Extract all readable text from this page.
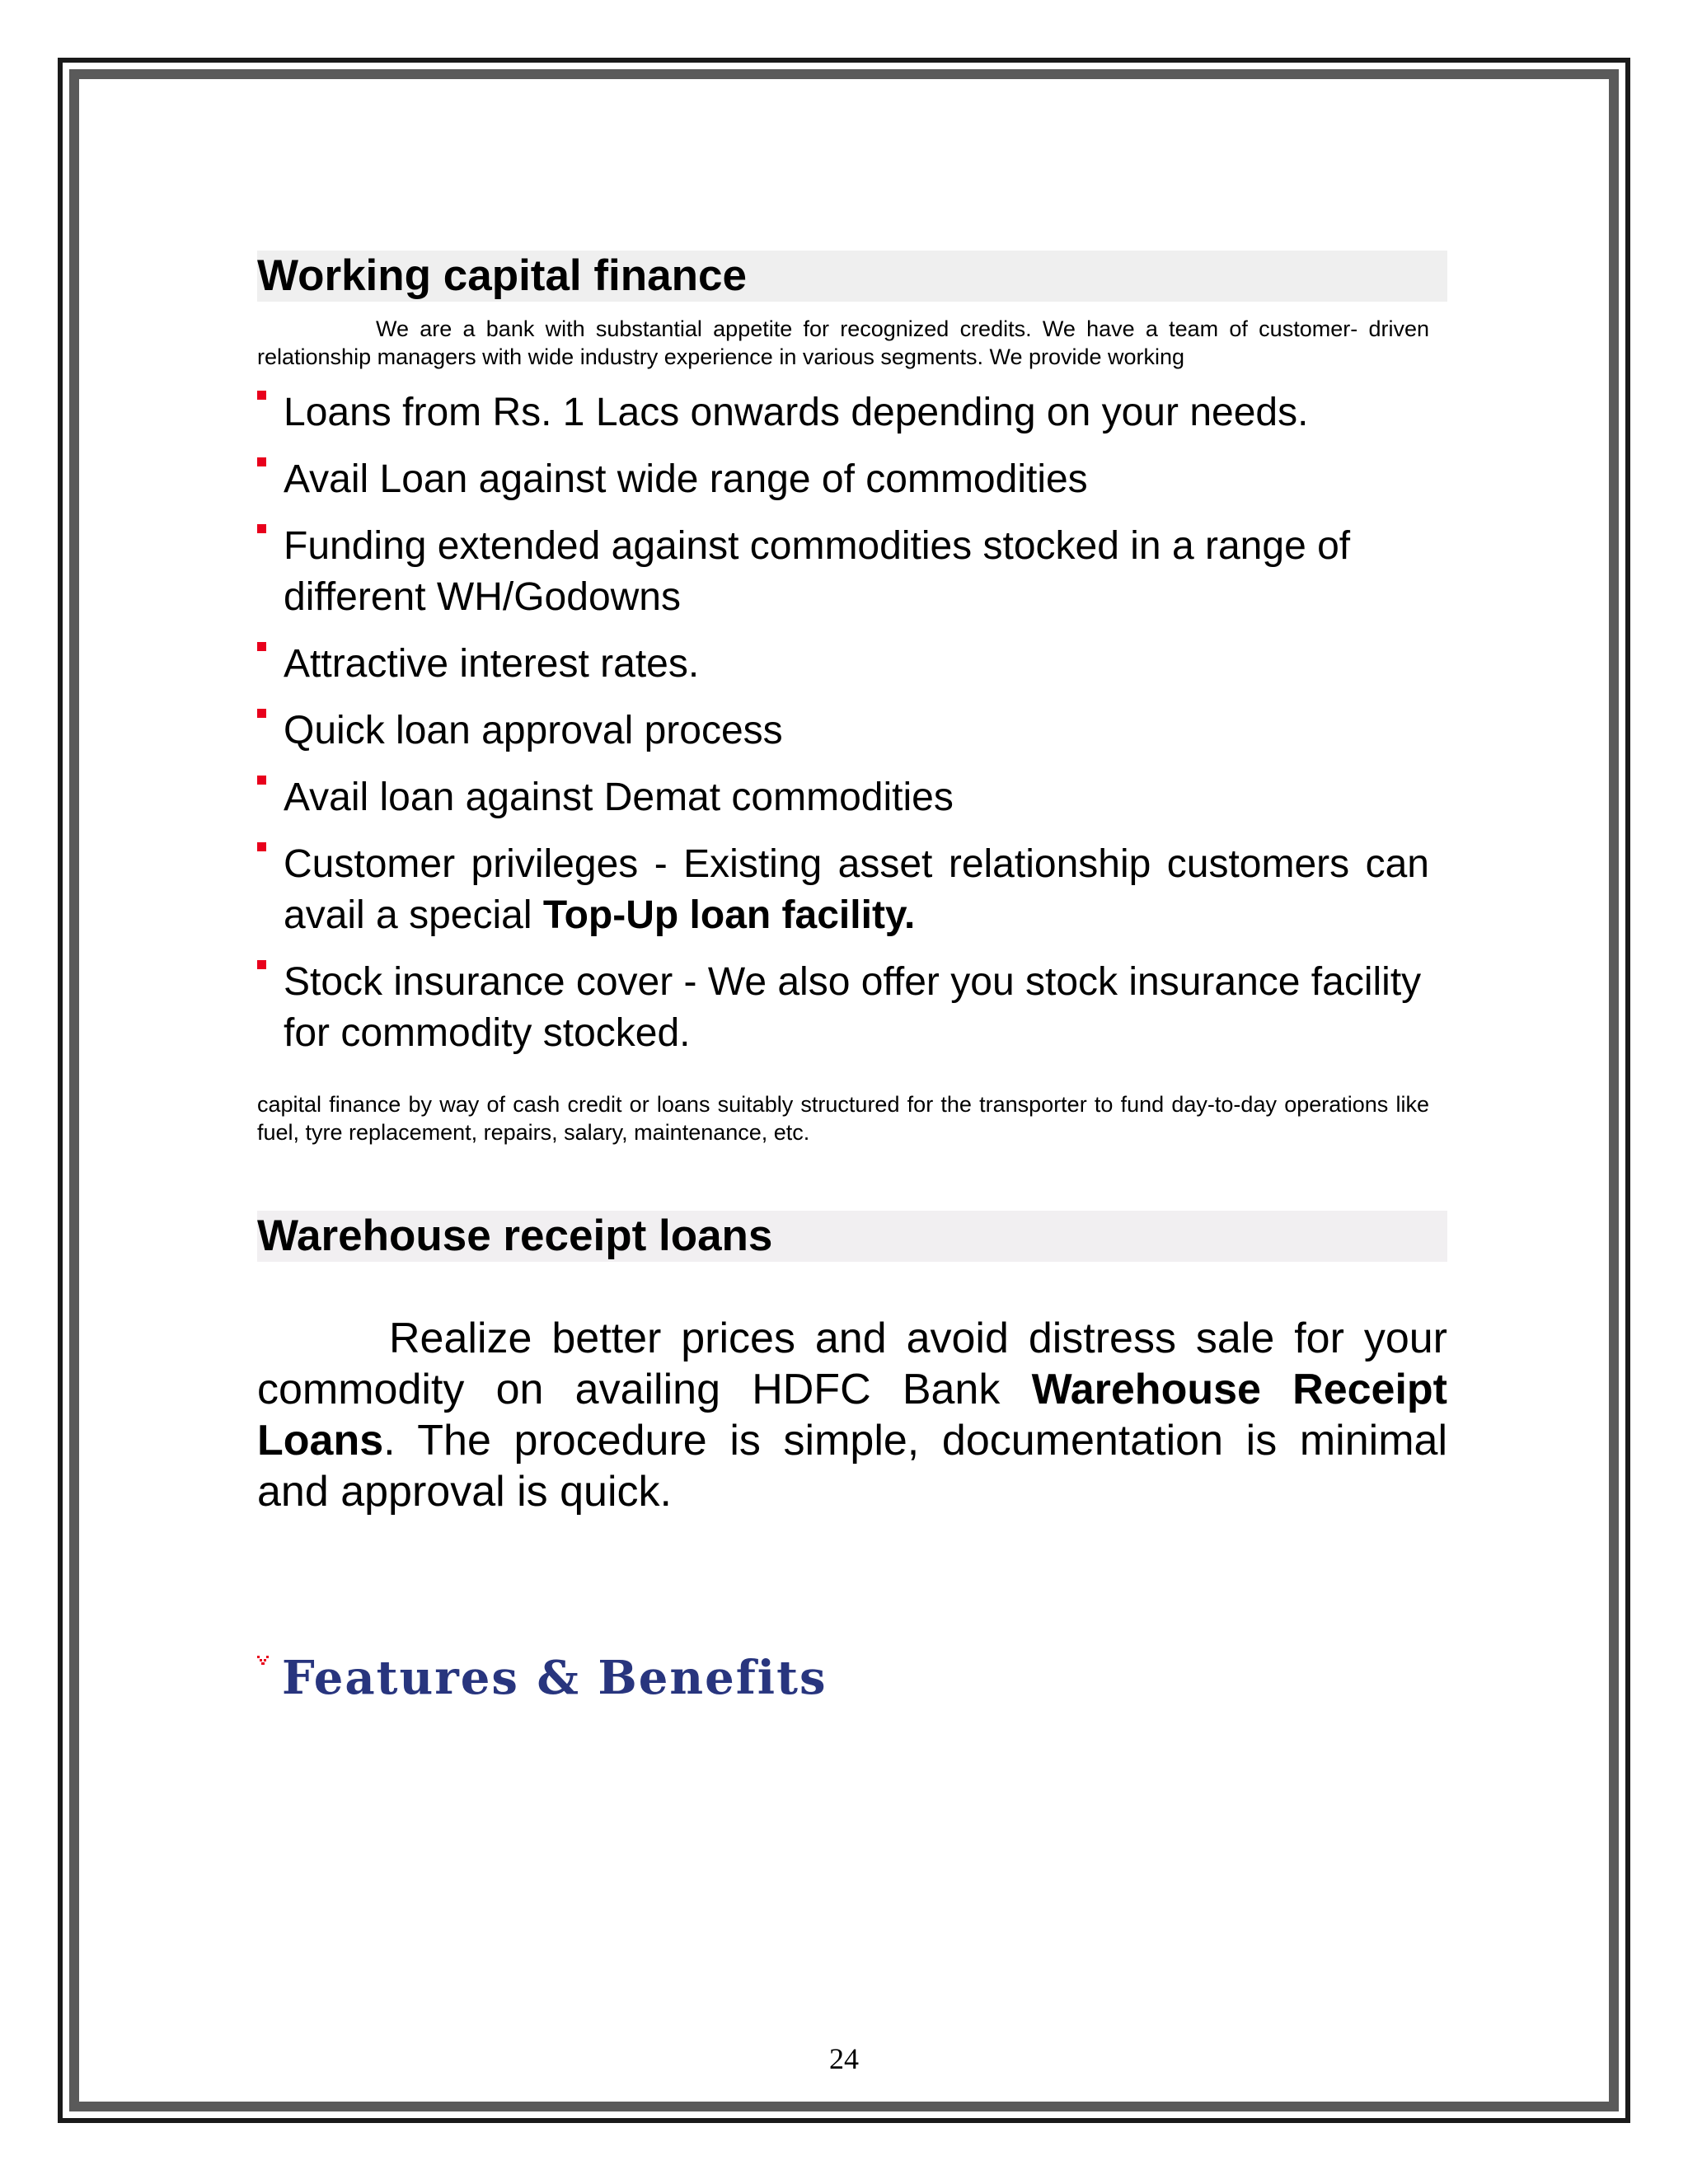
Working capital finance
We are a bank with substantial appetite for recognized credits. We have a team of customer- driven relationship managers with wide industry experience in various segments. We provide working
Loans from Rs. 1 Lacs onwards depending on your needs.
Avail Loan against wide range of commodities
Funding extended against commodities stocked in a range of different WH/Godowns
Attractive interest rates.
Quick loan approval process
Avail loan against Demat commodities
Customer privileges - Existing asset relationship customers can avail a special Top-Up loan facility.
Stock insurance cover - We also offer you stock insurance facility for commodity stocked.
capital finance by way of cash credit or loans suitably structured for the transporter to fund day-to-day operations like fuel, tyre replacement, repairs, salary, maintenance, etc.
Warehouse receipt loans

Realize better prices and avoid distress sale for your commodity on availing HDFC Bank Warehouse Receipt Loans. The procedure is simple, documentation is minimal and approval is quick.

Features & Benefits
24
